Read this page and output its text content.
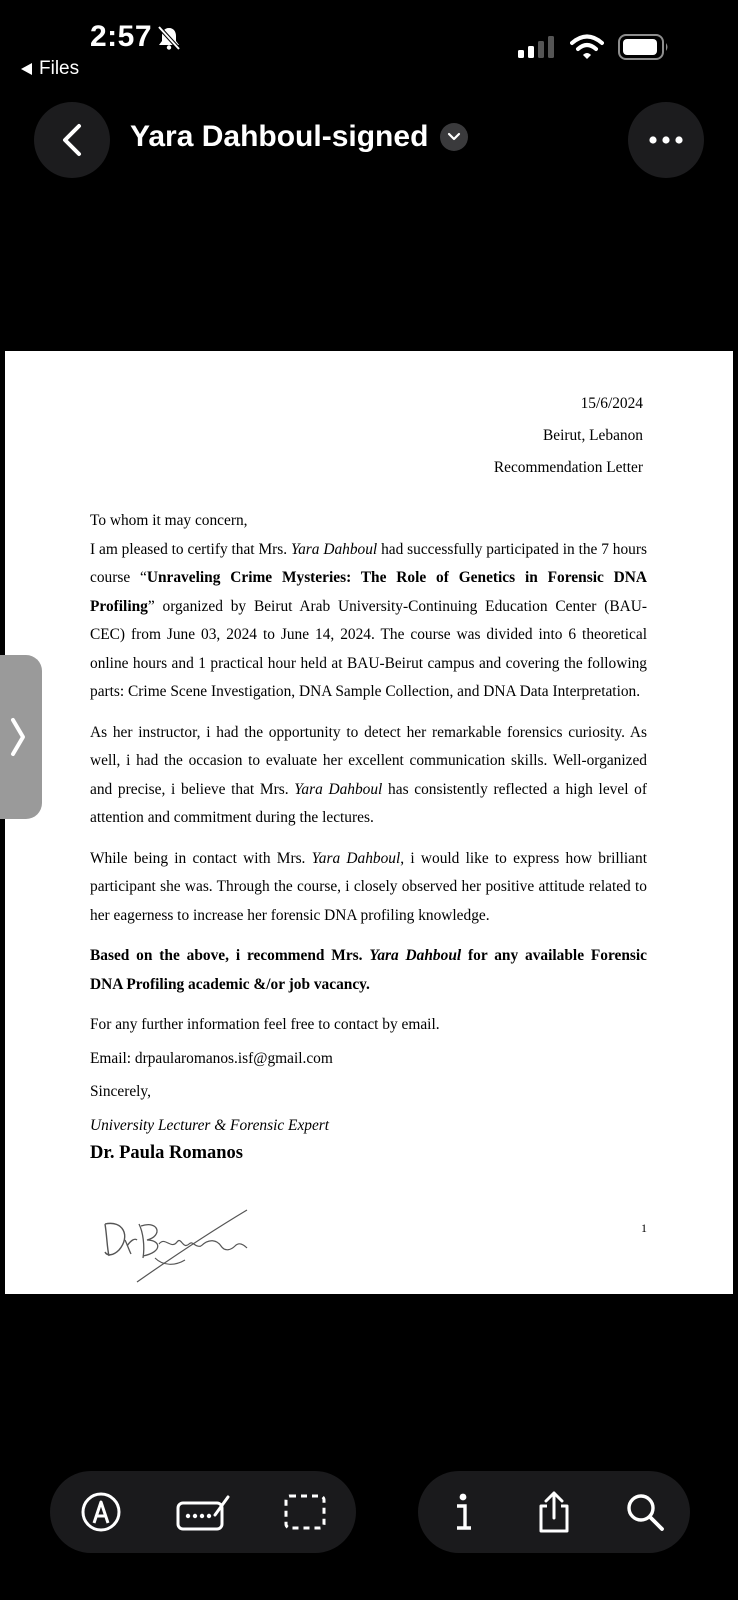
2:57
Files
Yara Dahboul-signed
15/6/2024
Beirut, Lebanon
Recommendation Letter

To whom it may concern,

I am pleased to certify that Mrs. Yara Dahboul had successfully participated in the 7 hours course “Unraveling Crime Mysteries: The Role of Genetics in Forensic DNA Profiling” organized by Beirut Arab University-Continuing Education Center (BAU-CEC) from June 03, 2024 to June 14, 2024. The course was divided into 6 theoretical online hours and 1 practical hour held at BAU-Beirut campus and covering the following parts: Crime Scene Investigation, DNA Sample Collection, and DNA Data Interpretation.

As her instructor, i had the opportunity to detect her remarkable forensics curiosity. As well, i had the occasion to evaluate her excellent communication skills. Well-organized and precise, i believe that Mrs. Yara Dahboul has consistently reflected a high level of attention and commitment during the lectures.

While being in contact with Mrs. Yara Dahboul, i would like to express how brilliant participant she was. Through the course, i closely observed her positive attitude related to her eagerness to increase her forensic DNA profiling knowledge.

Based on the above, i recommend Mrs. Yara Dahboul for any available Forensic DNA Profiling academic &/or job vacancy.

For any further information feel free to contact by email.

Email: drpaularomanos.isf@gmail.com

Sincerely,

University Lecturer & Forensic Expert

Dr. Paula Romanos

1
